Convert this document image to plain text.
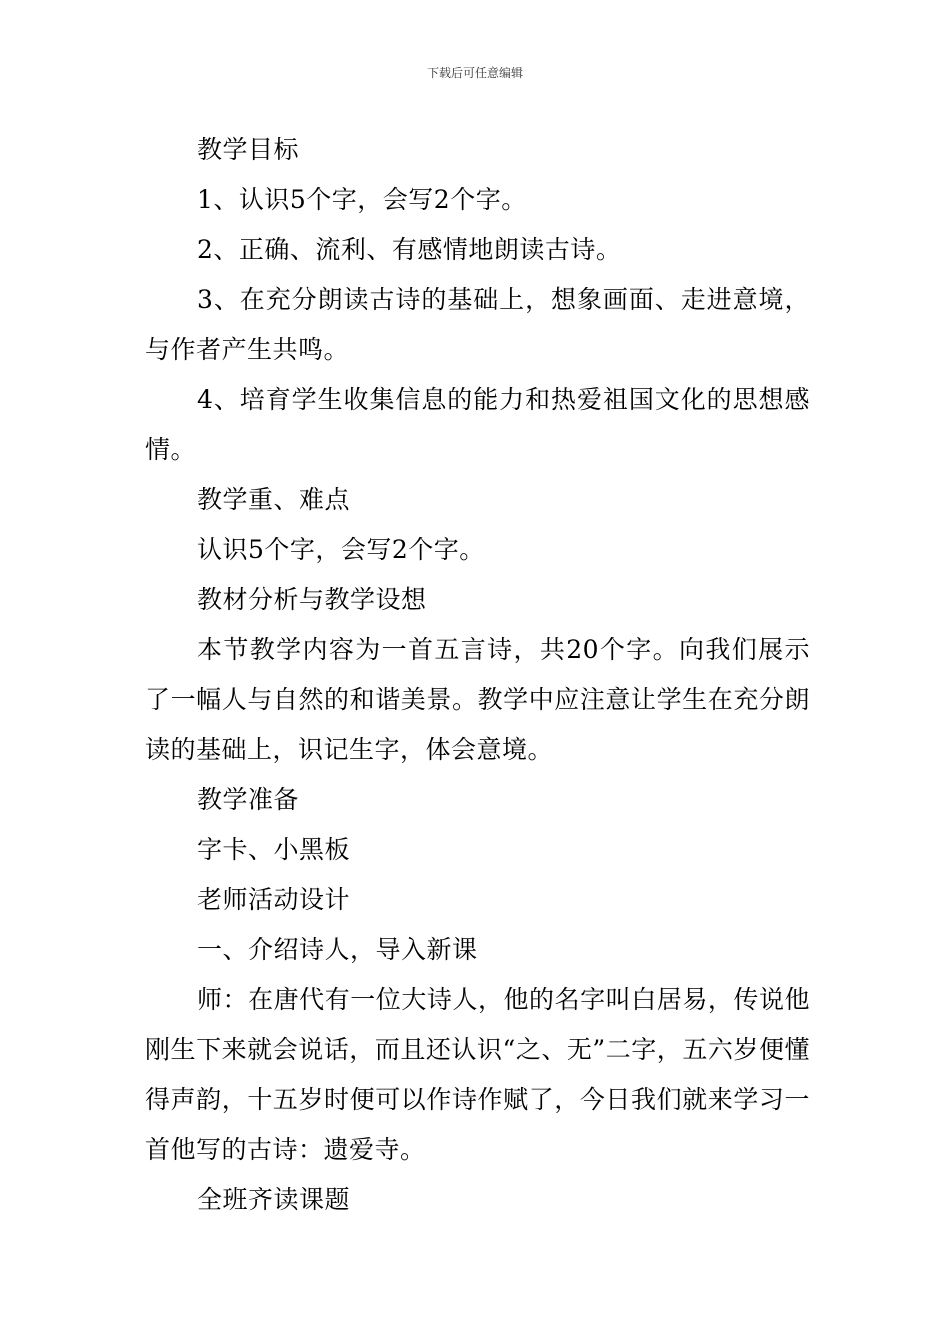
下载后可任意编辑

教学目标

1、认识5个字，会写2个字。

2、正确、流利、有感情地朗读古诗。

3、在充分朗读古诗的基础上，想象画面、走进意境，与作者产生共鸣。

4、培育学生收集信息的能力和热爱祖国文化的思想感情。

教学重、难点

认识5个字，会写2个字。

教材分析与教学设想

本节教学内容为一首五言诗，共20个字。向我们展示了一幅人与自然的和谐美景。教学中应注意让学生在充分朗读的基础上，识记生字，体会意境。

教学准备

字卡、小黑板

老师活动设计

一、介绍诗人，导入新课

师：在唐代有一位大诗人，他的名字叫白居易，传说他刚生下来就会说话，而且还认识“之、无”二字，五六岁便懂得声韵，十五岁时便可以作诗作赋了，今日我们就来学习一首他写的古诗：遗爱寺。

全班齐读课题
